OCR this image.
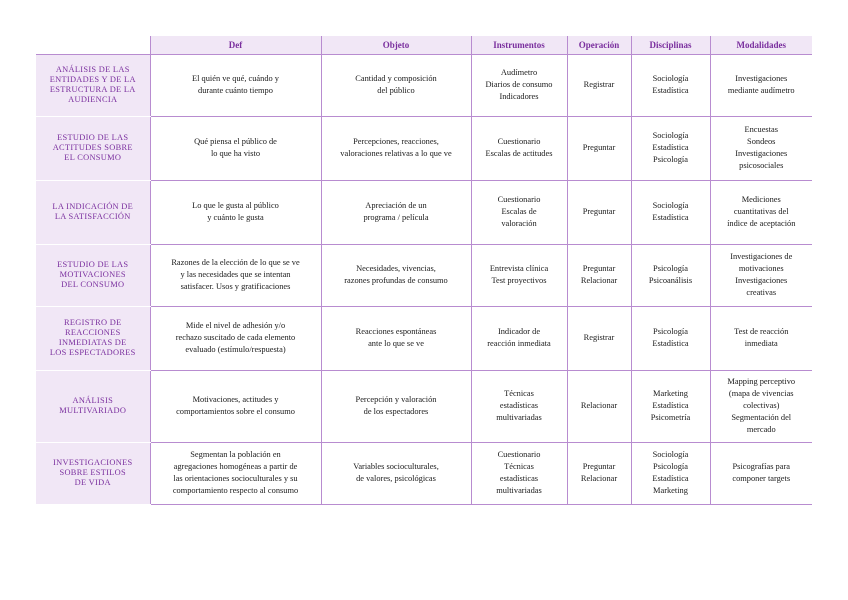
	Def	Objeto	Instrumentos	Operación	Disciplinas	Modalidades

ANÁLISIS DE LAS
ENTIDADES Y DE LA
ESTRUCTURA DE LA
AUDIENCIA	El quién ve qué, cuándo y
durante cuánto tiempo	Cantidad y composición
del público	Audímetro
Diarios de consumo
Indicadores	Registrar	Sociología
Estadística	Investigaciones
mediante audímetro

ESTUDIO DE LAS
ACTITUDES SOBRE
EL CONSUMO	Qué piensa el público de
lo que ha visto	Percepciones, reacciones,
valoraciones relativas a lo que ve	Cuestionario
Escalas de actitudes	Preguntar	Sociología
Estadística
Psicología	Encuestas
Sondeos
Investigaciones
psicosociales

LA INDICACIÓN DE
LA SATISFACCIÓN	Lo que le gusta al público
y cuánto le gusta	Apreciación de un
programa / película	Cuestionario
Escalas de
valoración	Preguntar	Sociología
Estadística	Mediciones
cuantitativas del
índice de aceptación

ESTUDIO DE LAS
MOTIVACIONES
DEL CONSUMO	Razones de la elección de lo que se ve
y las necesidades que se intentan
satisfacer. Usos y gratificaciones	Necesidades, vivencias,
razones profundas de consumo	Entrevista clínica
Test proyectivos	Preguntar
Relacionar	Psicología
Psicoanálisis	Investigaciones de
motivaciones
Investigaciones
creativas

REGISTRO DE
REACCIONES
INMEDIATAS DE
LOS ESPECTADORES	Mide el nivel de adhesión y/o
rechazo suscitado de cada elemento
evaluado (estímulo/respuesta)	Reacciones espontáneas
ante lo que se ve	Indicador de
reacción inmediata	Registrar	Psicología
Estadística	Test de reacción
inmediata

ANÁLISIS
MULTIVARIADO	Motivaciones, actitudes y
comportamientos sobre el consumo	Percepción y valoración
de los espectadores	Técnicas
estadísticas
multivariadas	Relacionar	Marketing
Estadística
Psicometría	Mapping perceptivo
(mapa de vivencias
colectivas)
Segmentación del
mercado

INVESTIGACIONES
SOBRE ESTILOS
DE VIDA	Segmentan la población en
agregaciones homogéneas a partir de
las orientaciones socioculturales y su
comportamiento respecto al consumo	Variables socioculturales,
de valores, psicológicas	Cuestionario
Técnicas
estadísticas
multivariadas	Preguntar
Relacionar	Sociología
Psicología
Estadística
Marketing	Psicografías para
componer targets
